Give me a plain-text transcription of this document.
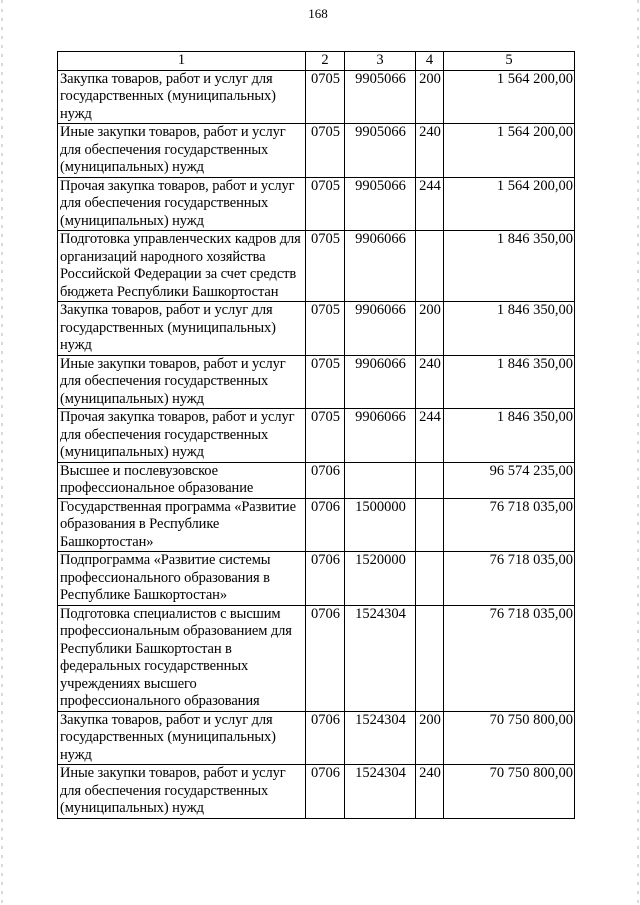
168
1	2	3	4	5
Закупка товаров, работ и услуг для государственных (муниципальных) нужд	0705	9905066	200	1 564 200,00
Иные закупки товаров, работ и услуг для обеспечения государственных (муниципальных) нужд	0705	9905066	240	1 564 200,00
Прочая закупка товаров, работ и услуг для обеспечения государственных (муниципальных) нужд	0705	9905066	244	1 564 200,00
Подготовка управленческих кадров для организаций народного хозяйства Российской Федерации за счет средств бюджета Республики Башкортостан	0705	9906066		1 846 350,00
Закупка товаров, работ и услуг для государственных (муниципальных) нужд	0705	9906066	200	1 846 350,00
Иные закупки товаров, работ и услуг для обеспечения государственных (муниципальных) нужд	0705	9906066	240	1 846 350,00
Прочая закупка товаров, работ и услуг для обеспечения государственных (муниципальных) нужд	0705	9906066	244	1 846 350,00
Высшее и послевузовское профессиональное образование	0706			96 574 235,00
Государственная программа «Развитие образования в Республике Башкортостан»	0706	1500000		76 718 035,00
Подпрограмма «Развитие системы профессионального образования в Республике Башкортостан»	0706	1520000		76 718 035,00
Подготовка специалистов с высшим профессиональным образованием для Республики Башкортостан в федеральных государственных учреждениях высшего профессионального образования	0706	1524304		76 718 035,00
Закупка товаров, работ и услуг для государственных (муниципальных) нужд	0706	1524304	200	70 750 800,00
Иные закупки товаров, работ и услуг для обеспечения государственных (муниципальных) нужд	0706	1524304	240	70 750 800,00
